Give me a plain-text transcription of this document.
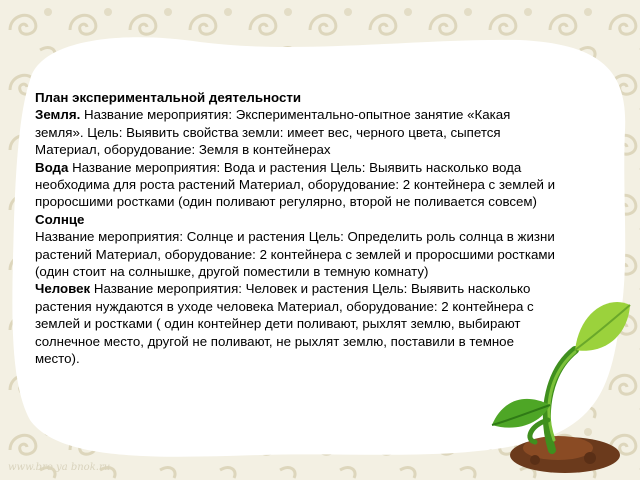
План экспериментальной деятельности

Земля. Название мероприятия: Экспериментально-опытное занятие «Какая земля». Цель: Выявить свойства земли: имеет вес, черного цвета, сыпется Материал, оборудование: Земля в контейнерах

Вода Название мероприятия: Вода и растения Цель: Выявить насколько вода необходима для роста растений Материал, оборудование: 2 контейнера с землей и проросшими ростками (один поливают регулярно, второй не поливается совсем)

Солнце

Название мероприятия: Солнце и растения Цель: Определить роль солнца в жизни растений Материал, оборудование: 2 контейнера с землей и проросшими ростками (один стоит на солнышке, другой поместили в темную комнату)

Человек Название мероприятия: Человек и растения Цель: Выявить насколько растения нуждаются в уходе человека Материал, оборудование: 2 контейнера с землей и ростками ( один контейнер дети поливают, рыхлят землю, выбирают солнечное место, другой не поливают, не рыхлят землю, поставили в темное место).

www.bro ya bnok.ru
